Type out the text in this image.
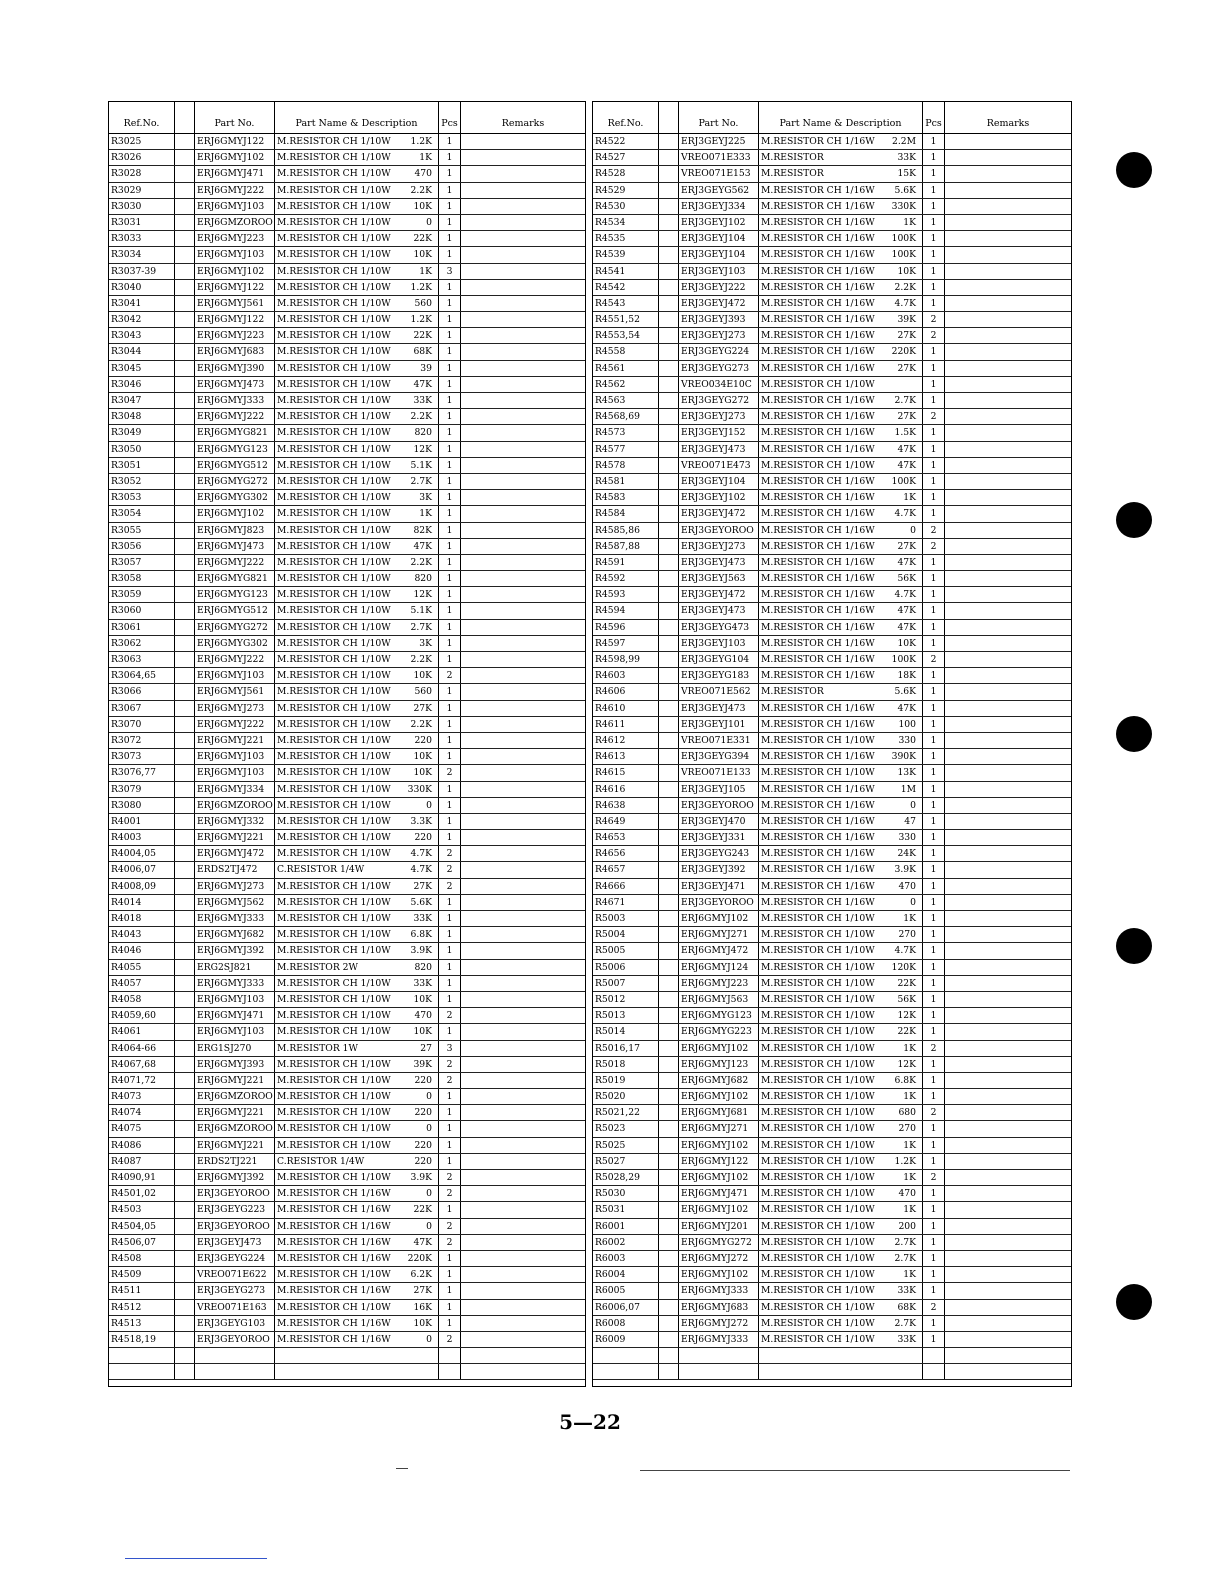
Ref.No.	Part No.	Part Name & Description	Pcs	Remarks
R3025	ERJ6GMYJ122	M.RESISTOR CH 1/10W 1.2K	1
R3026	ERJ6GMYJ102	M.RESISTOR CH 1/10W	1K	1
R3028	ERJ6GMYJ471	M.RESISTOR CH 1/10W	470	1
R3029	ERJ6GMYJ222	M.RESISTOR CH 1/10W 2.2K	1
R3030	ERJ6GMYJ103	M.RESISTOR CH 1/10W 10K	1
R3031	ERJ6GMZOROO M.RESISTOR CH 1/10W	0	1
R3033	ERJ6GMYJ223	M.RESISTOR CH 1/10W 22K	1
R3034	ERJ6GMYJ103	M.RESISTOR CH 1/10W 10K	1
R3037-39	ERJ6GMYJ102	M.RESISTOR CH 1/10W	1K	3
R3040	ERJ6GMYJ122	M.RESISTOR CH 1/10W 1.2K	1
R3041	ERJ6GMYJ561	M.RESISTOR CH 1/10W	560	1
R3042	ERJ6GMYJ122	M.RESISTOR CH 1/10W 1.2K	1
R3043	ERJ6GMYJ223	M.RESISTOR CH 1/10W 22K	1
R3044	ERJ6GMYJ683	M.RESISTOR CH 1/10W 68K	1
R3045	ERJ6GMYJ390	M.RESISTOR CH 1/10W	39	1
R3046	ERJ6GMYJ473	M.RESISTOR CH 1/10W 47K	1
R3047	ERJ6GMYJ333	M.RESISTOR CH 1/10W 33K	1
R3048	ERJ6GMYJ222	M.RESISTOR CH 1/10W 2.2K	1
R3049	ERJ6GMYG821 M.RESISTOR CH 1/10W	820	1
R3050	ERJ6GMYG123 M.RESISTOR CH 1/10W 12K	1
R3051	ERJ6GMYG512 M.RESISTOR CH 1/10W 5.1K	1
R3052	ERJ6GMYG272 M.RESISTOR CH 1/10W 2.7K	1
R3053	ERJ6GMYG302 M.RESISTOR CH 1/10W	3K	1
R3054	ERJ6GMYJ102	M.RESISTOR CH 1/10W	1K	1
R3055	ERJ6GMYJ823	M.RESISTOR CH 1/10W 82K	1
R3056	ERJ6GMYJ473	M.RESISTOR CH 1/10W 47K	1
R3057	ERJ6GMYJ222	M.RESISTOR CH 1/10W 2.2K	1
R3058	ERJ6GMYG821 M.RESISTOR CH 1/10W	820	1
R3059	ERJ6GMYG123 M.RESISTOR CH 1/10W 12K	1
R3060	ERJ6GMYG512 M.RESISTOR CH 1/10W 5.1K	1
R3061	ERJ6GMYG272 M.RESISTOR CH 1/10W 2.7K	1
R3062	ERJ6GMYG302 M.RESISTOR CH 1/10W	3K	1
R3063	ERJ6GMYJ222	M.RESISTOR CH 1/10W 2.2K	1
R3064,65	ERJ6GMYJ103	M.RESISTOR CH 1/10W 10K	2
R3066	ERJ6GMYJ561	M.RESISTOR CH 1/10W	560	1
R3067	ERJ6GMYJ273	M.RESISTOR CH 1/10W 27K	1
R3070	ERJ6GMYJ222	M.RESISTOR CH 1/10W 2.2K	1
R3072	ERJ6GMYJ221	M.RESISTOR CH 1/10W	220	1
R3073	ERJ6GMYJ103	M.RESISTOR CH 1/10W 10K	1
R3076,77	ERJ6GMYJ103	M.RESISTOR CH 1/10W 10K	2
R3079	ERJ6GMYJ334	M.RESISTOR CH 1/10W 330K	1
R3080	ERJ6GMZOROO M.RESISTOR CH 1/10W	0	1
R4001	ERJ6GMYJ332	M.RESISTOR CH 1/10W 3.3K	1
R4003	ERJ6GMYJ221	M.RESISTOR CH 1/10W	220	1
R4004,05	ERJ6GMYJ472	M.RESISTOR CH 1/10W 4.7K	2
R4006,07	ERDS2TJ472	C.RESISTOR 1/4W	4.7K	2
R4008,09	ERJ6GMYJ273	M.RESISTOR CH 1/10W 27K	2
R4014	ERJ6GMYJ562	M.RESISTOR CH 1/10W 5.6K	1
R4018	ERJ6GMYJ333	M.RESISTOR CH 1/10W 33K	1
R4043	ERJ6GMYJ682	M.RESISTOR CH 1/10W 6.8K	1
R4046	ERJ6GMYJ392	M.RESISTOR CH 1/10W 3.9K	1
R4055	ERG2SJ821	M.RESISTOR 2W	820	1
R4057	ERJ6GMYJ333	M.RESISTOR CH 1/10W 33K	1
R4058	ERJ6GMYJ103	M.RESISTOR CH 1/10W 10K	1
R4059,60	ERJ6GMYJ471	M.RESISTOR CH 1/10W	470	2
R4061	ERJ6GMYJ103	M.RESISTOR CH 1/10W 10K	1
R4064-66	ERG1SJ270	M.RESISTOR 1W	27	3
R4067,68	ERJ6GMYJ393	M.RESISTOR CH 1/10W 39K	2
R4071,72	ERJ6GMYJ221	M.RESISTOR CH 1/10W	220	2
R4073	ERJ6GMZOROO M.RESISTOR CH 1/10W	0	1
R4074	ERJ6GMYJ221	M.RESISTOR CH 1/10W	220	1
R4075	ERJ6GMZOROO M.RESISTOR CH 1/10W	0	1
R4086	ERJ6GMYJ221	M.RESISTOR CH 1/10W	220	1
R4087	ERDS2TJ221	C.RESISTOR 1/4W	220	1
R4090,91	ERJ6GMYJ392	M.RESISTOR CH 1/10W 3.9K	2
R4501,02	ERJ3GEYOROO M.RESISTOR CH 1/16W	0	2
R4503	ERJ3GEYG223	M.RESISTOR CH 1/16W 22K	1
R4504,05	ERJ3GEYOROO M.RESISTOR CH 1/16W	0	2
R4506,07	ERJ3GEYJ473	M.RESISTOR CH 1/16W 47K	2
R4508	ERJ3GEYG224	M.RESISTOR CH 1/16W 220K	1
R4509	VREO071E622	M.RESISTOR CH 1/10W 6.2K	1
R4511	ERJ3GEYG273	M.RESISTOR CH 1/16W 27K	1
R4512	VREO071E163	M.RESISTOR CH 1/10W 16K	1
R4513	ERJ3GEYG103	M.RESISTOR CH 1/16W 10K	1
R4518,19	ERJ3GEYOROO M.RESISTOR CH 1/16W	0	2
Ref.No.	Part No.	Part Name & Description	Pcs	Remarks
R4522	ERJ3GEYJ225	M.RESISTOR CH 1/16W 2.2M	1
R4527	VREO071E333	M.RESISTOR	33K	1
R4528	VREO071E153	M.RESISTOR	15K	1
R4529	ERJ3GEYG562	M.RESISTOR CH 1/16W 5.6K	1
R4530	ERJ3GEYJ334	M.RESISTOR CH 1/16W 330K	1
R4534	ERJ3GEYJ102	M.RESISTOR CH 1/16W	1K	1
R4535	ERJ3GEYJ104	M.RESISTOR CH 1/16W 100K	1
R4539	ERJ3GEYJ104	M.RESISTOR CH 1/16W 100K	1
R4541	ERJ3GEYJ103	M.RESISTOR CH 1/16W 10K	1
R4542	ERJ3GEYJ222	M.RESISTOR CH 1/16W 2.2K	1
R4543	ERJ3GEYJ472	M.RESISTOR CH 1/16W 4.7K	1
R4551,52	ERJ3GEYJ393	M.RESISTOR CH 1/16W 39K	2
R4553,54	ERJ3GEYJ273	M.RESISTOR CH 1/16W 27K	2
R4558	ERJ3GEYG224	M.RESISTOR CH 1/16W 220K	1
R4561	ERJ3GEYG273	M.RESISTOR CH 1/16W 27K	1
R4562	VREO034E10C	M.RESISTOR CH 1/10W	1
R4563	ERJ3GEYG272	M.RESISTOR CH 1/16W 2.7K	1
R4568,69	ERJ3GEYJ273	M.RESISTOR CH 1/16W 27K	2
R4573	ERJ3GEYJ152	M.RESISTOR CH 1/16W 1.5K	1
R4577	ERJ3GEYJ473	M.RESISTOR CH 1/16W 47K	1
R4578	VREO071E473	M.RESISTOR CH 1/10W 47K	1
R4581	ERJ3GEYJ104	M.RESISTOR CH 1/16W 100K	1
R4583	ERJ3GEYJ102	M.RESISTOR CH 1/16W	1K	1
R4584	ERJ3GEYJ472	M.RESISTOR CH 1/16W 4.7K	1
R4585,86	ERJ3GEYOROO M.RESISTOR CH 1/16W	0	2
R4587,88	ERJ3GEYJ273	M.RESISTOR CH 1/16W 27K	2
R4591	ERJ3GEYJ473	M.RESISTOR CH 1/16W 47K	1
R4592	ERJ3GEYJ563	M.RESISTOR CH 1/16W 56K	1
R4593	ERJ3GEYJ472	M.RESISTOR CH 1/16W 4.7K	1
R4594	ERJ3GEYJ473	M.RESISTOR CH 1/16W 47K	1
R4596	ERJ3GEYG473	M.RESISTOR CH 1/16W 47K	1
R4597	ERJ3GEYJ103	M.RESISTOR CH 1/16W 10K	1
R4598,99	ERJ3GEYG104	M.RESISTOR CH 1/16W 100K	2
R4603	ERJ3GEYG183	M.RESISTOR CH 1/16W 18K	1
R4606	VREO071E562	M.RESISTOR	5.6K	1
R4610	ERJ3GEYJ473	M.RESISTOR CH 1/16W 47K	1
R4611	ERJ3GEYJ101	M.RESISTOR CH 1/16W	100	1
R4612	VREO071E331	M.RESISTOR CH 1/10W	330	1
R4613	ERJ3GEYG394	M.RESISTOR CH 1/16W 390K	1
R4615	VREO071E133	M.RESISTOR CH 1/10W 13K	1
R4616	ERJ3GEYJ105	M.RESISTOR CH 1/16W	1M	1
R4638	ERJ3GEYOROO M.RESISTOR CH 1/16W	0	1
R4649	ERJ3GEYJ470	M.RESISTOR CH 1/16W	47	1
R4653	ERJ3GEYJ331	M.RESISTOR CH 1/16W	330	1
R4656	ERJ3GEYG243	M.RESISTOR CH 1/16W 24K	1
R4657	ERJ3GEYJ392	M.RESISTOR CH 1/16W 3.9K	1
R4666	ERJ3GEYJ471	M.RESISTOR CH 1/16W	470	1
R4671	ERJ3GEYOROO M.RESISTOR CH 1/16W	0	1
R5003	ERJ6GMYJ102	M.RESISTOR CH 1/10W	1K	1
R5004	ERJ6GMYJ271	M.RESISTOR CH 1/10W	270	1
R5005	ERJ6GMYJ472	M.RESISTOR CH 1/10W 4.7K	1
R5006	ERJ6GMYJ124	M.RESISTOR CH 1/10W 120K	1
R5007	ERJ6GMYJ223	M.RESISTOR CH 1/10W 22K	1
R5012	ERJ6GMYJ563	M.RESISTOR CH 1/10W 56K	1
R5013	ERJ6GMYG123 M.RESISTOR CH 1/10W 12K	1
R5014	ERJ6GMYG223 M.RESISTOR CH 1/10W 22K	1
R5016,17	ERJ6GMYJ102	M.RESISTOR CH 1/10W	1K	2
R5018	ERJ6GMYJ123	M.RESISTOR CH 1/10W 12K	1
R5019	ERJ6GMYJ682	M.RESISTOR CH 1/10W 6.8K	1
R5020	ERJ6GMYJ102	M.RESISTOR CH 1/10W	1K	1
R5021,22	ERJ6GMYJ681	M.RESISTOR CH 1/10W	680	2
R5023	ERJ6GMYJ271	M.RESISTOR CH 1/10W	270	1
R5025	ERJ6GMYJ102	M.RESISTOR CH 1/10W	1K	1
R5027	ERJ6GMYJ122	M.RESISTOR CH 1/10W 1.2K	1
R5028,29	ERJ6GMYJ102	M.RESISTOR CH 1/10W	1K	2
R5030	ERJ6GMYJ471	M.RESISTOR CH 1/10W	470	1
R5031	ERJ6GMYJ102	M.RESISTOR CH 1/10W	1K	1
R6001	ERJ6GMYJ201	M.RESISTOR CH 1/10W	200	1
R6002	ERJ6GMYG272 M.RESISTOR CH 1/10W 2.7K	1
R6003	ERJ6GMYJ272	M.RESISTOR CH 1/10W 2.7K	1
R6004	ERJ6GMYJ102	M.RESISTOR CH 1/10W	1K	1
R6005	ERJ6GMYJ333	M.RESISTOR CH 1/10W 33K	1
R6006,07	ERJ6GMYJ683	M.RESISTOR CH 1/10W 68K	2
R6008	ERJ6GMYJ272	M.RESISTOR CH 1/10W 2.7K	1
R6009	ERJ6GMYJ333	M.RESISTOR CH 1/10W 33K	1
5—22
